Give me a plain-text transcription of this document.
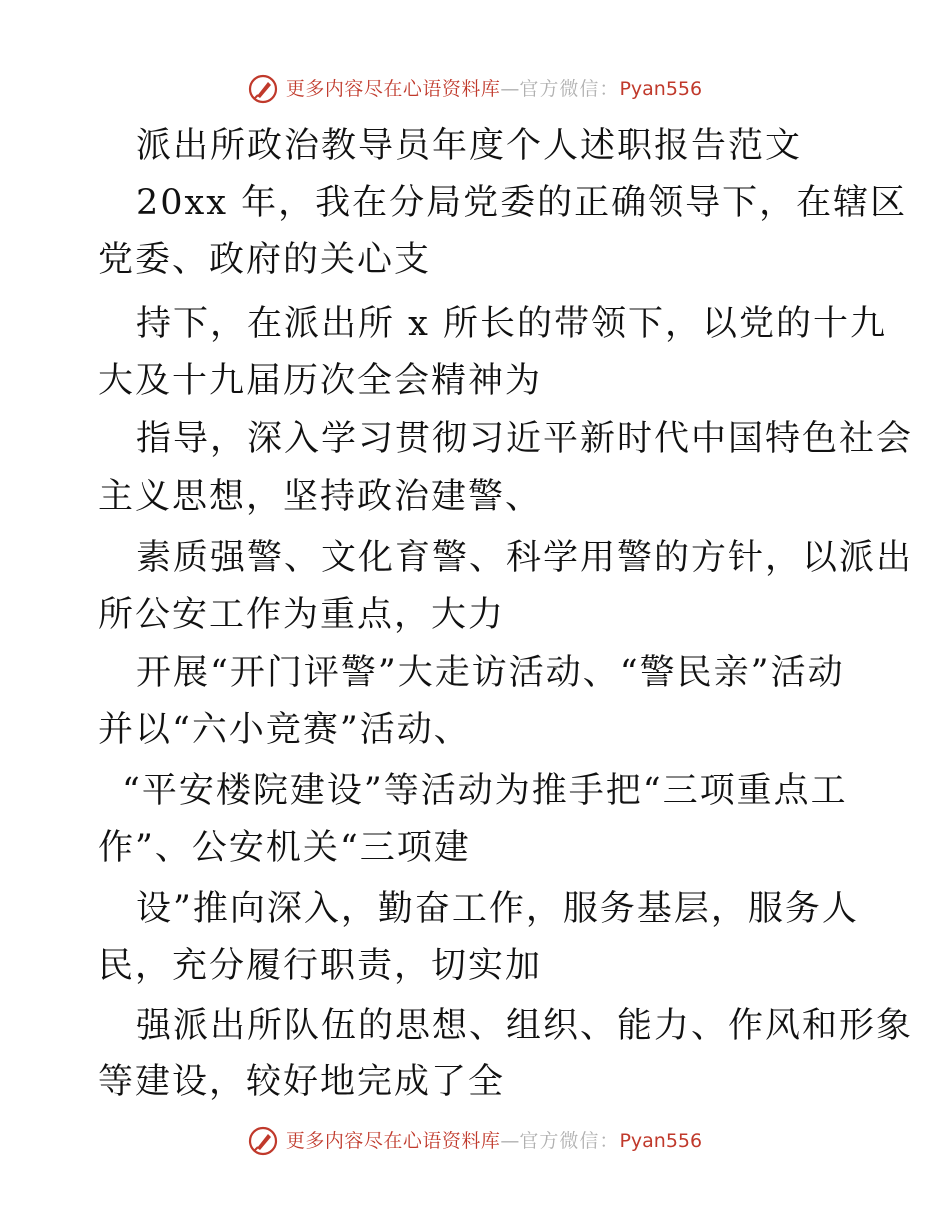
更多内容尽在心语资料库 — 官方微信： Pyan556
派出所政治教导员年度个人述职报告范文
20xx 年，我在分局党委的正确领导下，在辖区
党委、政府的关心支
持下，在派出所 x 所长的带领下，以党的十九
大及十九届历次全会精神为
指导，深入学习贯彻习近平新时代中国特色社会
主义思想，坚持政治建警、
素质强警、文化育警、科学用警的方针，以派出
所公安工作为重点，大力
开展“开门评警”大走访活动、“警民亲”活动
并以“六小竞赛”活动、
“平安楼院建设”等活动为推手把“三项重点工
作”、公安机关“三项建
设”推向深入，勤奋工作，服务基层，服务人
民，充分履行职责，切实加
强派出所队伍的思想、组织、能力、作风和形象
等建设，较好地完成了全
更多内容尽在心语资料库 — 官方微信： Pyan556
